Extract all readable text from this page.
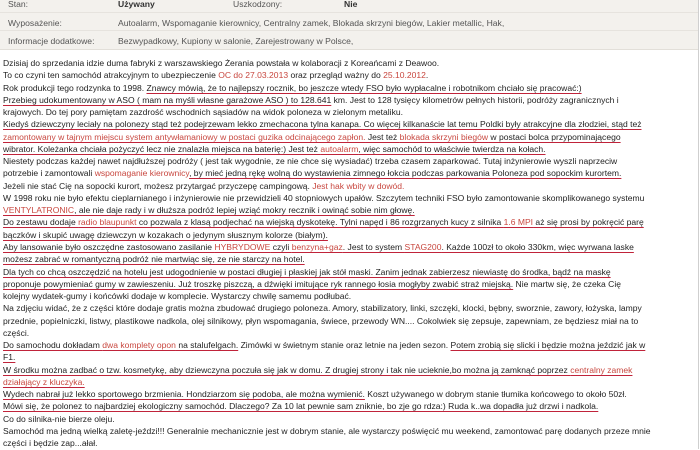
Stan:	Używany	Uszkodzony:	Nie
Wyposażenie:	Autoalarm, Wspomaganie kierownicy, Centralny zamek, Blokada skrzyni biegów, Lakier metallic, Hak,
Informacje dodatkowe:	Bezwypadkowy, Kupiony w salonie, Zarejestrowany w Polsce,
Dzisiaj do sprzedania idzie duma fabryki z warszawskiego Żerania powstała w kolaboracji z Koreańcami z Deawoo.
To co czyni ten samochód atrakcyjnym to ubezpieczenie OC do 27.03.2013 oraz przegląd ważny do 25.10.2012.
Rok produkcji tego rodzynka to 1998. Znawcy mówią, że to najlepszy rocznik, bo jeszcze wtedy FSO było wypłacalne i robotnikom chciało się pracować:)
Przebieg udokumentowany w ASO ( mam na myśli własne garażowe ASO ) to 128.641 km. Jest to 128 tysięcy kilometrów pełnych historii, podróży zagranicznych i
krajowych. Do tej pory pamiętam zazdrość wschodnich sąsiadów na widok poloneza w zielonym metaliku.
Kiedyś dziewczyny leciały na polonezy stąd też podejrzewam lekko zmechacona tylna kanapa. Co więcej kilkanaście lat temu Poldki były atrakcyjne dla złodziei, stąd też
zamontowany w tajnym miejscu system antywłamaniowy w postaci guzika odcinającego zapłon. Jest też blokada skrzyni biegów w postaci bolca przypominającego
wibrator. Koleżanka chciała pożyczyć lecz nie znalazła miejsca na baterię:) Jest też autoalarm, więc samochód to właściwie twierdza na kołach.
Niestety podczas każdej nawet najdłuższej podróży ( jest tak wygodnie, ze nie chce się wysiadać) trzeba czasem zaparkować. Tutaj inżynierowie wyszli naprzeciw
potrzebie i zamontowali wspomaganie kierownicy, by mieć jedną rękę wolną do wystawienia zimnego łokcia podczas parkowania Poloneza pod sopockim kurortem.
Jeżeli nie stać Cię na sopocki kurort, możesz przytargać przyczepę campingową. Jest hak wbity w dowód.
W 1998 roku nie było efektu cieplarnianego i inżynierowie nie przewidzieli 40 stopniowych upałów. Szczytem techniki FSO było zamontowanie skomplikowanego systemu
VENTYLATRONIC, ale nie daje rady i w dłuższa podróż lepiej wziąć mokry recznik i owinąć sobie nim głowę.
Do zestawu dodaje radio blaupunkt co pozwala z klasą podjechać na wiejską dyskotekę. Tylni napęd i 86 rozgrzanych kucy z silnika 1.6 MPI aż się prosi by pokręcić parę
bączków i skupić uwagę dziewczyn w kozakach o jedynym słusznym kolorze (białym).
Aby lansowanie było oszczędne zastosowano zasilanie HYBRYDOWE czyli benzyna+gaz. Jest to system STAG200. Każde 100zł to około 330km, więc wyrwana laske
możesz zabrać w romantyczną podróż nie martwiąc się, ze nie starczy na hotel.
Dla tych co chcą oszczędzić na hotelu jest udogodnienie w postaci długiej i płaskiej jak stół maski. Zanim jednak zabierzesz niewiastę do środka, bądź na maskę
proponuje powymieniać gumy w zawieszeniu. Już troszkę piszczą, a dźwięki imitujące ryk rannego łosia mogłyby zwabić straż miejską. Nie martw się, że czeka Cię
kolejny wydatek-gumy i końcówki dodaje w komplecie. Wystarczy chwilę samemu podłubać.
Na zdjęciu widać, że z części które dodaje gratis można zbudować drugiego poloneza. Amory, stabilizatory, linki, szczęki, klocki, bębny, sworznie, zawory, łożyska, lampy
przednie, popielniczki, listwy, plastikowe nadkola, olej silnikowy, płyn wspomagania, świece, przewody WN.... Cokolwiek się zepsuje, zapewniam, ze będziesz miał na to
części.
Do samochodu dokładam dwa komplety opon na stalufelgach. Zimówki w świetnym stanie oraz letnie na jeden sezon. Potem zrobią się slicki i będzie można jeździć jak w
F1.
W środku można zadbać o tzw. kosmetykę, aby dziewczyna poczuła się jak w domu. Z drugiej strony i tak nie ucieknie,bo można ją zamknąć poprzez centralny zamek
działający z kluczyka.
Wydech nabrał już lekko sportowego brzmienia. Hondziarzom się podoba, ale można wymienić. Koszt używanego w dobrym stanie tłumika końcowego to około 50zł.
Mówi się, że polonez to najbardziej ekologiczny samochód. Dlaczego? Za 10 lat pewnie sam zniknie, bo zje go rdza:) Ruda k..wa dopadła już drzwi i nadkola.
Co do silnika-nie bierze oleju.
Samochód ma jedną wielką zaletę-jeździ!!! Generalnie mechanicznie jest w dobrym stanie, ale wystarczy poświęcić mu weekend, zamontować parę dodanych przeze mnie
części i będzie zap...ałał.
